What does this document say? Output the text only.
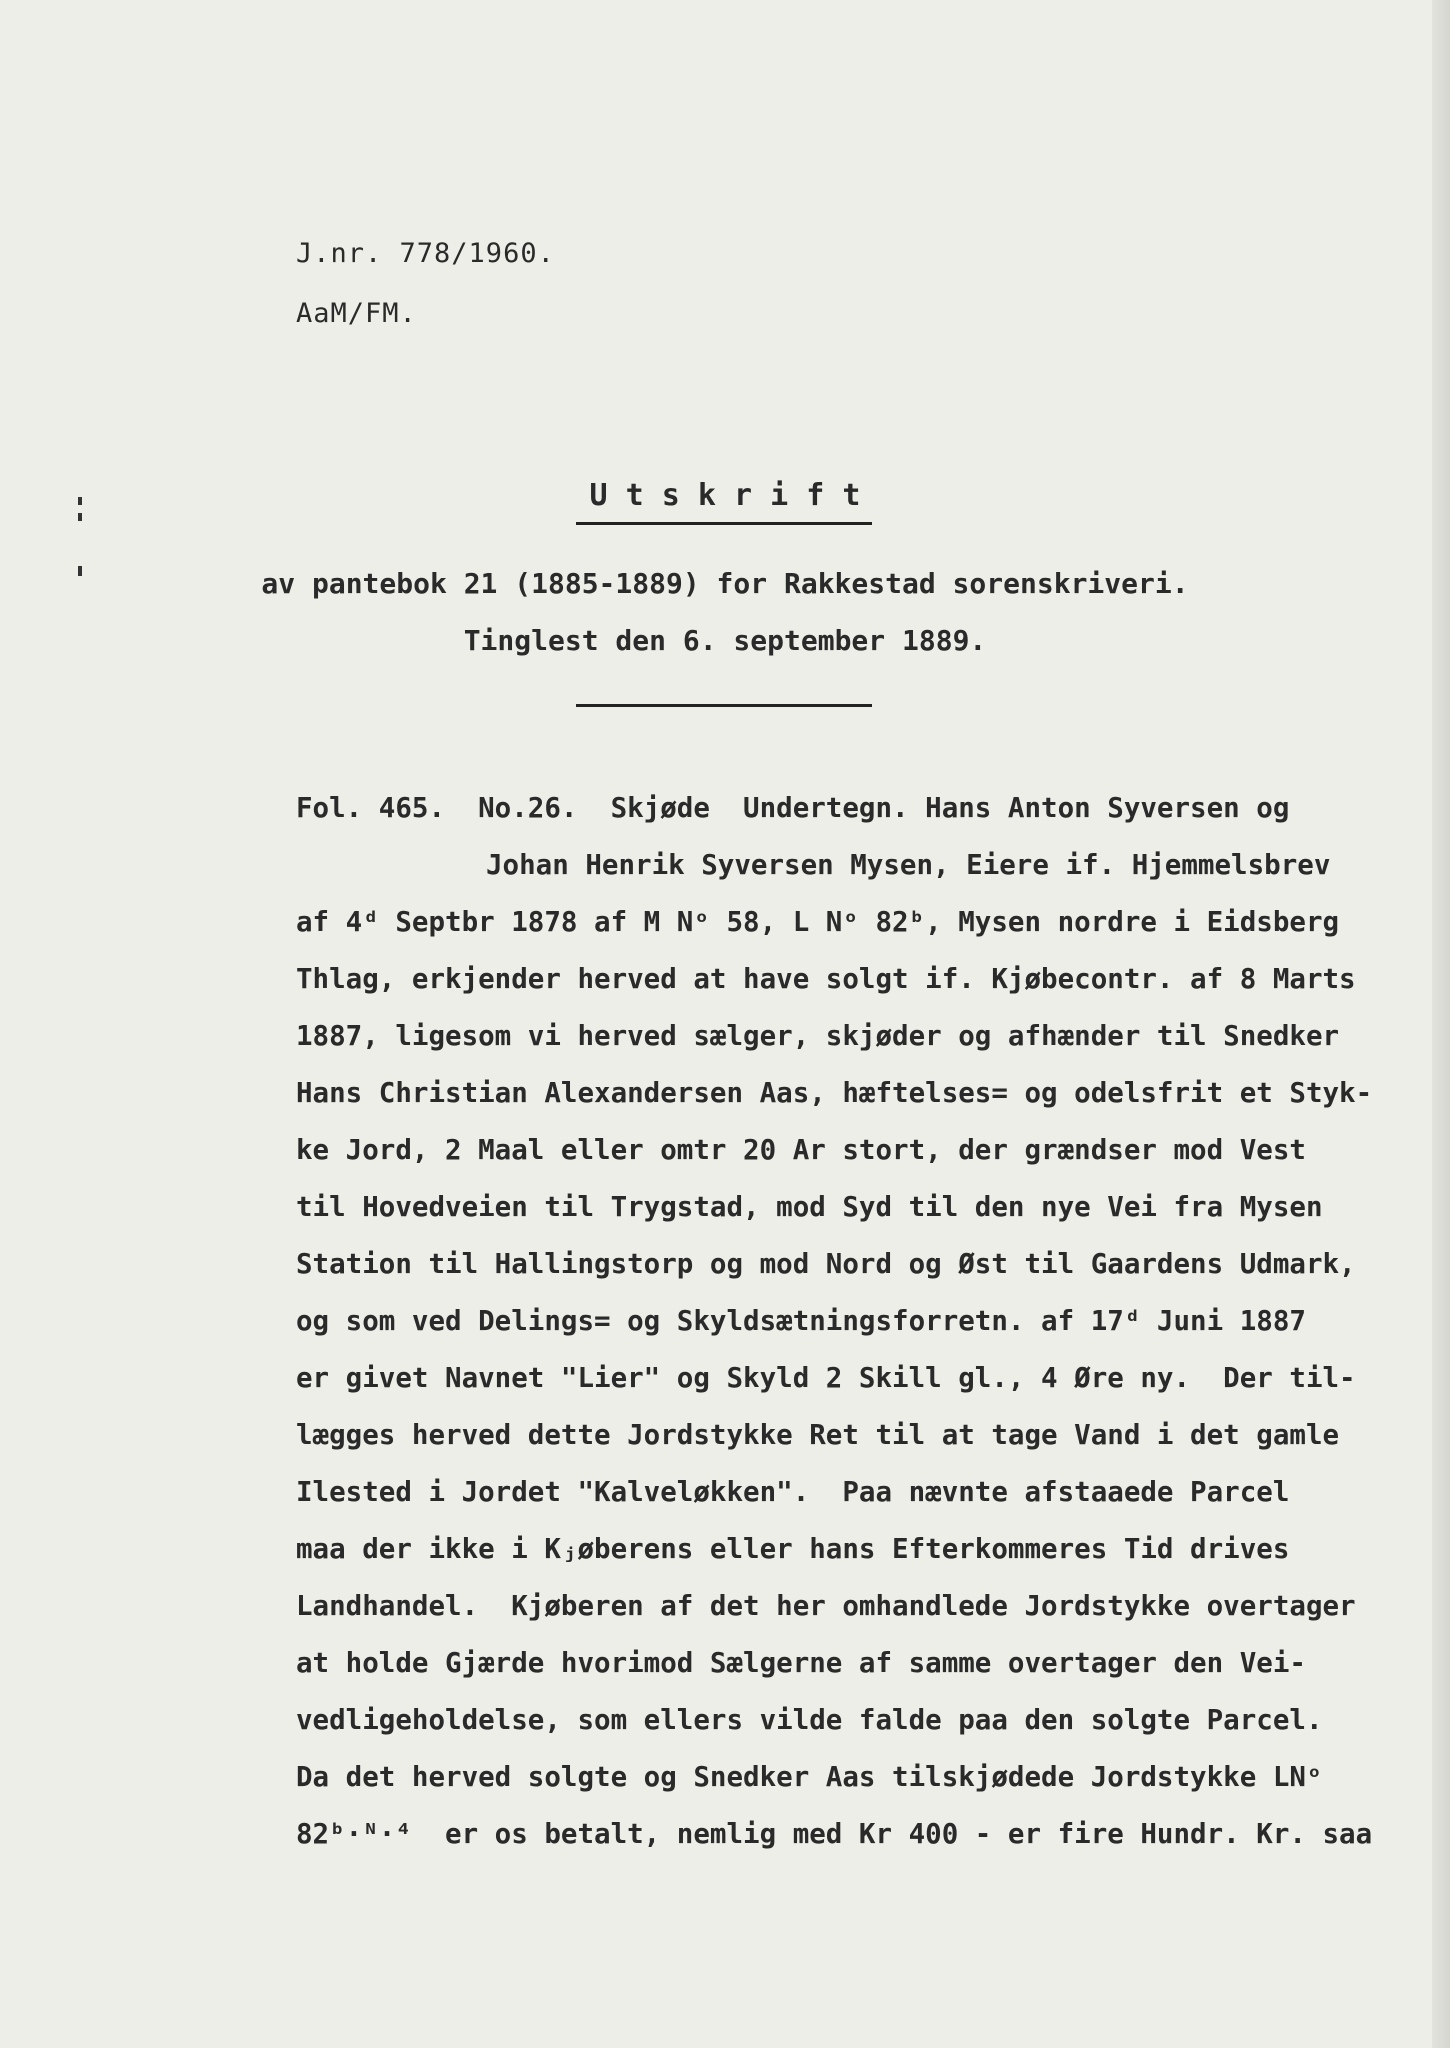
J.nr. 778/1960.
AaM/FM.
U t s k r i f t
av pantebok 21 (1885-1889) for Rakkestad sorenskriveri.
Tinglest den 6. september 1889.
Fol. 465.  No.26.  Skjøde  Undertegn. Hans Anton Syversen og
Johan Henrik Syversen Mysen, Eiere if. Hjemmelsbrev
af 4ᵈ Septbr 1878 af M Nᵒ 58, L Nᵒ 82ᵇ, Mysen nordre i Eidsberg
Thlag, erkjender herved at have solgt if. Kjøbecontr. af 8 Marts
1887, ligesom vi herved sælger, skjøder og afhænder til Snedker
Hans Christian Alexandersen Aas, hæftelses= og odelsfrit et Styk-
ke Jord, 2 Maal eller omtr 20 Ar stort, der grændser mod Vest
til Hovedveien til Trygstad, mod Syd til den nye Vei fra Mysen
Station til Hallingstorp og mod Nord og Øst til Gaardens Udmark,
og som ved Delings= og Skyldsætningsforretn. af 17ᵈ Juni 1887
er givet Navnet "Lier" og Skyld 2 Skill gl., 4 Øre ny.  Der til-
lægges herved dette Jordstykke Ret til at tage Vand i det gamle
Ilested i Jordet "Kalveløkken".  Paa nævnte afstaaede Parcel
maa der ikke i Kⱼøberens eller hans Efterkommeres Tid drives
Landhandel.  Kjøberen af det her omhandlede Jordstykke overtager
at holde Gjærde hvorimod Sælgerne af samme overtager den Vei-
vedligeholdelse, som ellers vilde falde paa den solgte Parcel.
Da det herved solgte og Snedker Aas tilskjødede Jordstykke LNᵒ
82ᵇ·ᴺ·⁴  er os betalt, nemlig med Kr 400 - er fire Hundr. Kr. saa
